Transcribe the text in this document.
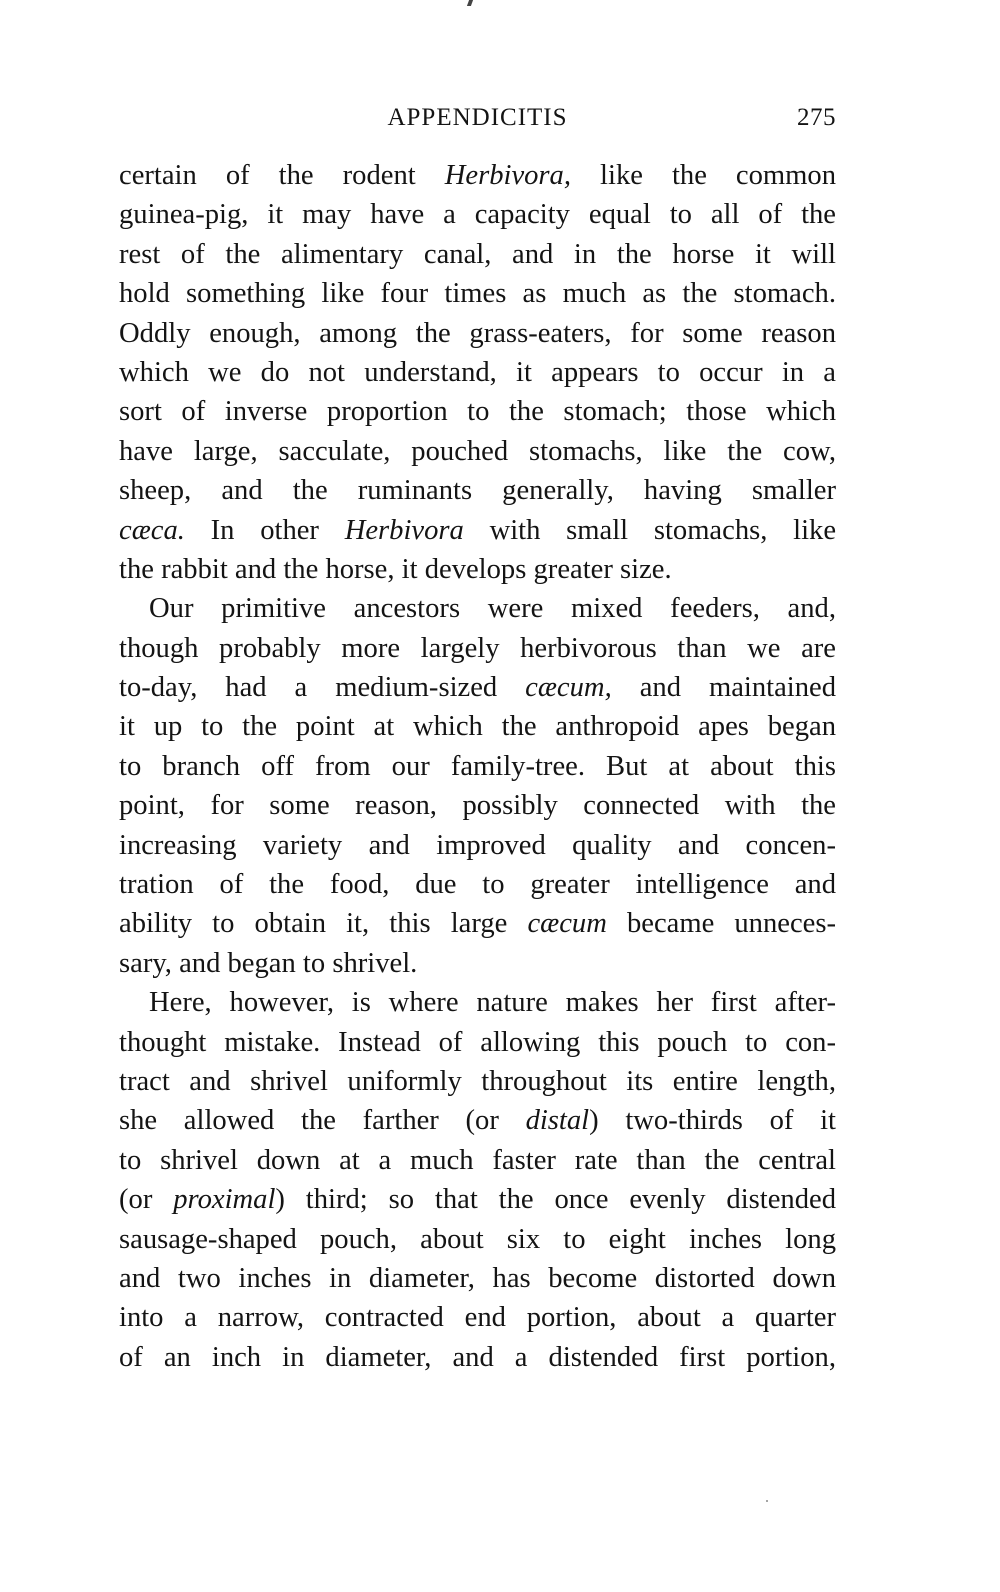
APPENDICITIS	275
certain of the rodent Herbivora, like the common
guinea-pig, it may have a capacity equal to all of the
rest of the alimentary canal, and in the horse it will
hold something like four times as much as the stomach.
Oddly enough, among the grass-eaters, for some reason
which we do not understand, it appears to occur in a
sort of inverse proportion to the stomach; those which
have large, sacculate, pouched stomachs, like the cow,
sheep, and the ruminants generally, having smaller
cæca. In other Herbivora with small stomachs, like
the rabbit and the horse, it develops greater size.
Our primitive ancestors were mixed feeders, and,
though probably more largely herbivorous than we are
to-day, had a medium-sized cæcum, and maintained
it up to the point at which the anthropoid apes began
to branch off from our family-tree. But at about this
point, for some reason, possibly connected with the
increasing variety and improved quality and concen-
tration of the food, due to greater intelligence and
ability to obtain it, this large cæcum became unneces-
sary, and began to shrivel.
Here, however, is where nature makes her first after-
thought mistake. Instead of allowing this pouch to con-
tract and shrivel uniformly throughout its entire length,
she allowed the farther (or distal) two-thirds of it
to shrivel down at a much faster rate than the central
(or proximal) third; so that the once evenly distended
sausage-shaped pouch, about six to eight inches long
and two inches in diameter, has become distorted down
into a narrow, contracted end portion, about a quarter
of an inch in diameter, and a distended first portion,
